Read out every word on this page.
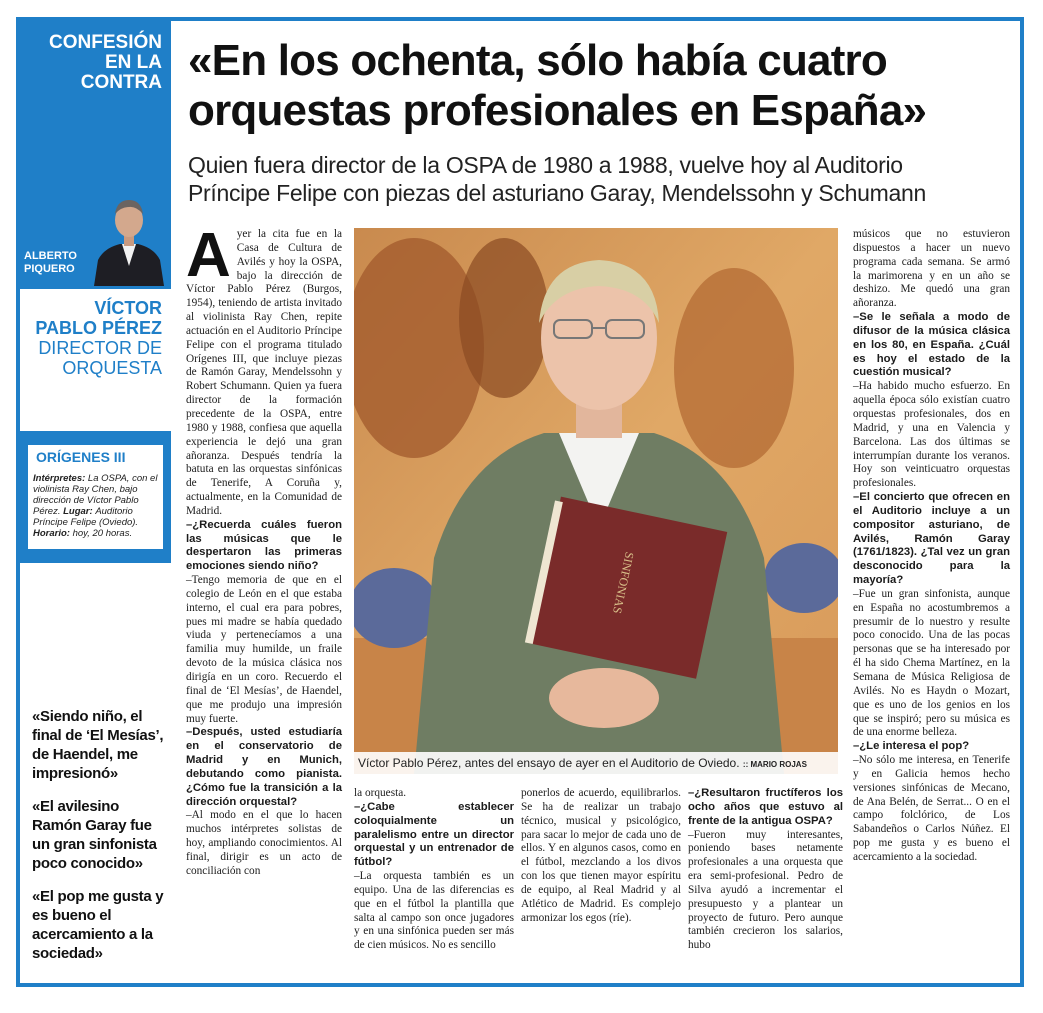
CONFESIÓN
EN LA
CONTRA
ALBERTO
PIQUERO
VÍCTOR
PABLO PÉREZ
DIRECTOR DE
ORQUESTA
ORÍGENES III
Intérpretes: La OSPA, con el violinista Ray Chen, bajo dirección de Víctor Pablo Pérez. Lugar: Auditorio Príncipe Felipe (Oviedo).
Horario: hoy, 20 horas.
«Siendo niño, el final de ‘El Mesías’, de Haendel, me impresionó»
«El avilesino Ramón Garay fue un gran sinfonista poco conocido»
«El pop me gusta y es bueno el acercamiento a la sociedad»
«En los ochenta, sólo había cuatro
orquestas profesionales en España»
Quien fuera director de la OSPA de 1980 a 1988, vuelve hoy al Auditorio
Príncipe Felipe con piezas del asturiano Garay, Mendelssohn y Schumann
SINFONIAS
Víctor Pablo Pérez, antes del ensayo de ayer en el Auditorio de Oviedo. :: MARIO ROJAS
Ayer la cita fue en la Casa de Cultura de Avilés y hoy la OSPA, bajo la dirección de Víctor Pablo Pérez (Burgos, 1954), teniendo de artista invitado al violinista Ray Chen, repite actuación en el Auditorio Príncipe Felipe con el programa titulado Orígenes III, que incluye piezas de Ramón Garay, Mendelssohn y Robert Schumann. Quien ya fuera director de la formación precedente de la OSPA, entre 1980 y 1988, confiesa que aquella experiencia le dejó una gran añoranza. Después tendría la batuta en las orquestas sinfónicas de Tenerife, A Coruña y, actualmente, en la Comunidad de Madrid.

–¿Recuerda cuáles fueron las músicas que le despertaron las primeras emociones siendo niño?

–Tengo memoria de que en el colegio de León en el que estaba interno, el cual era para pobres, pues mi madre se había quedado viuda y pertenecíamos a una familia muy humilde, un fraile devoto de la música clásica nos dirigía en un coro. Recuerdo el final de ‘El Mesías’, de Haendel, que me produjo una impresión muy fuerte.

–Después, usted estudiaría en el conservatorio de Madrid y en Munich, debutando como pianista. ¿Cómo fue la transición a la dirección orquestal?

–Al modo en el que lo hacen muchos intérpretes solistas de hoy, ampliando conocimientos. Al final, dirigir es un acto de conciliación con

la orquesta.

–¿Cabe establecer coloquialmente un paralelismo entre un director orquestal y un entrenador de fútbol?

–La orquesta también es un equipo. Una de las diferencias es que en el fútbol la plantilla que salta al campo son once jugadores y en una sinfónica pueden ser más de cien músicos. No es sencillo

ponerlos de acuerdo, equilibrarlos. Se ha de realizar un trabajo técnico, musical y psicológico, para sacar lo mejor de cada uno de ellos. Y en algunos casos, como en el fútbol, mezclando a los divos con los que tienen mayor espíritu de equipo, al Real Madrid y al Atlético de Madrid. Es complejo armonizar los egos (ríe).

–¿Resultaron fructíferos los ocho años que estuvo al frente de la antigua OSPA?

–Fueron muy interesantes, poniendo bases netamente profesionales a una orquesta que era semi-profesional. Pedro de Silva ayudó a incrementar el presupuesto y a plantear un proyecto de futuro. Pero aunque también crecieron los salarios, hubo

músicos que no estuvieron dispuestos a hacer un nuevo programa cada semana. Se armó la marimorena y en un año se deshizo. Me quedó una gran añoranza.

–Se le señala a modo de difusor de la música clásica en los 80, en España. ¿Cuál es hoy el estado de la cuestión musical?

–Ha habido mucho esfuerzo. En aquella época sólo existían cuatro orquestas profesionales, dos en Madrid, y una en Valencia y Barcelona. Las dos últimas se interrumpían durante los veranos. Hoy son veinticuatro orquestas profesionales.

–El concierto que ofrecen en el Auditorio incluye a un compositor asturiano, de Avilés, Ramón Garay (1761/1823). ¿Tal vez un gran desconocido para la mayoría?

–Fue un gran sinfonista, aunque en España no acostumbremos a presumir de lo nuestro y resulte poco conocido. Una de las pocas personas que se ha interesado por él ha sido Chema Martínez, en la Semana de Música Religiosa de Avilés. No es Haydn o Mozart, que es uno de los genios en los que se inspiró; pero su música es de una enorme belleza.

–¿Le interesa el pop?

–No sólo me interesa, en Tenerife y en Galicia hemos hecho versiones sinfónicas de Mecano, de Ana Belén, de Serrat... O en el campo folclórico, de Los Sabandeños o Carlos Núñez. El pop me gusta y es bueno el acercamiento a la sociedad.
